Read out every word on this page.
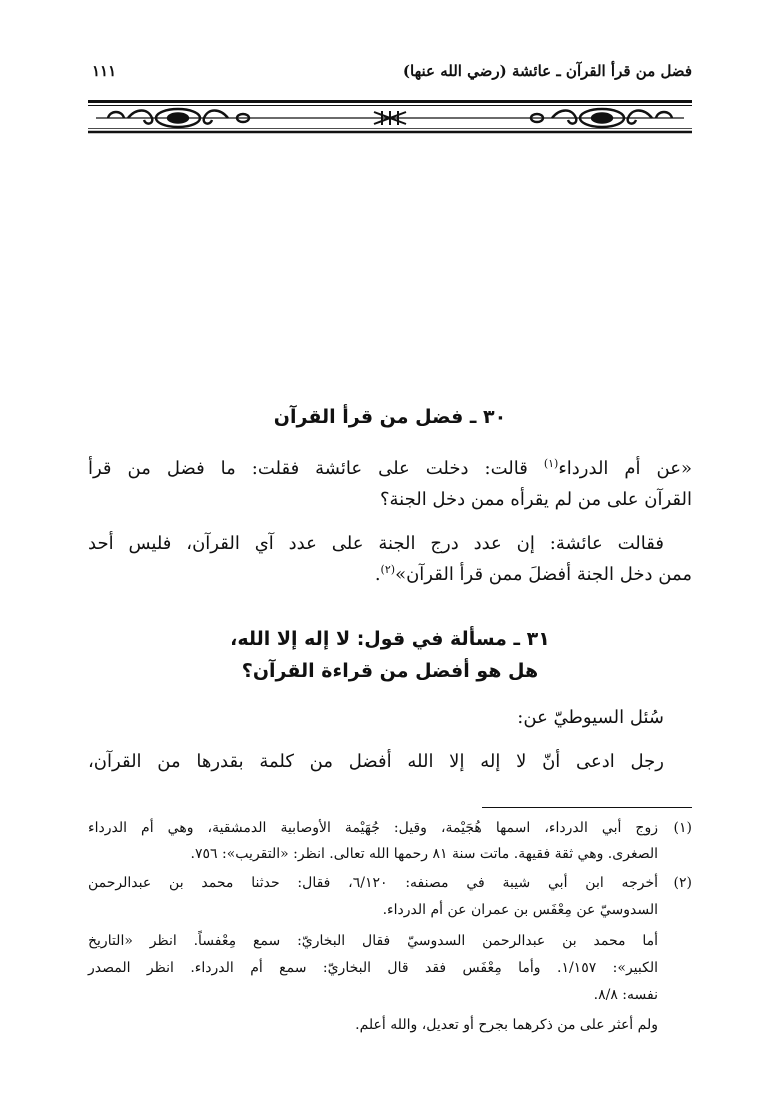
فضل من قرأ القرآن ـ عائشة (رضي الله عنها)
١١١
٣٠ ـ فضل من قرأ القرآن
«عن أم الدرداء$^{(١)}$ قالت: دخلت على عائشة فقلت: ما فضل من قرأ
القرآن على من لم يقرأه ممن دخل الجنة؟
فقالت عائشة: إن عدد درج الجنة على عدد آي القرآن، فليس أحد
ممن دخل الجنة أفضلَ ممن قرأ القرآن»$^{(٢)}$.
٣١ ـ مسألة في قول: لا إله إلا الله،
هل هو أفضل من قراءة القرآن؟
سُئل السيوطيّ عن:
رجل ادعى أنّ لا إله إلا الله أفضل من كلمة بقدرها من القرآن،
(١)
زوج أبي الدرداء، اسمها هُجَيْمة، وقيل: جُهَيْمة الأوصابية الدمشقية، وهي أم الدرداء
الصغرى. وهي ثقة فقيهة. ماتت سنة ٨١ رحمها الله تعالى. انظر: «التقريب»: ٧٥٦.
(٢)
أخرجه ابن أبي شيبة في مصنفه: ٦/١٢٠، فقال: حدثنا محمد بن عبدالرحمن
السدوسيّ عن مِعْفَس بن عمران عن أم الدرداء.
أما محمد بن عبدالرحمن السدوسيّ فقال البخاريّ: سمع مِعْفساً. انظر «التاريخ
الكبير»: ١/١٥٧. وأما مِعْفَس فقد قال البخاريّ: سمع أم الدرداء. انظر المصدر
نفسه: ٨/٨.
ولم أعثر على من ذكرهما بجرح أو تعديل، والله أعلم.
